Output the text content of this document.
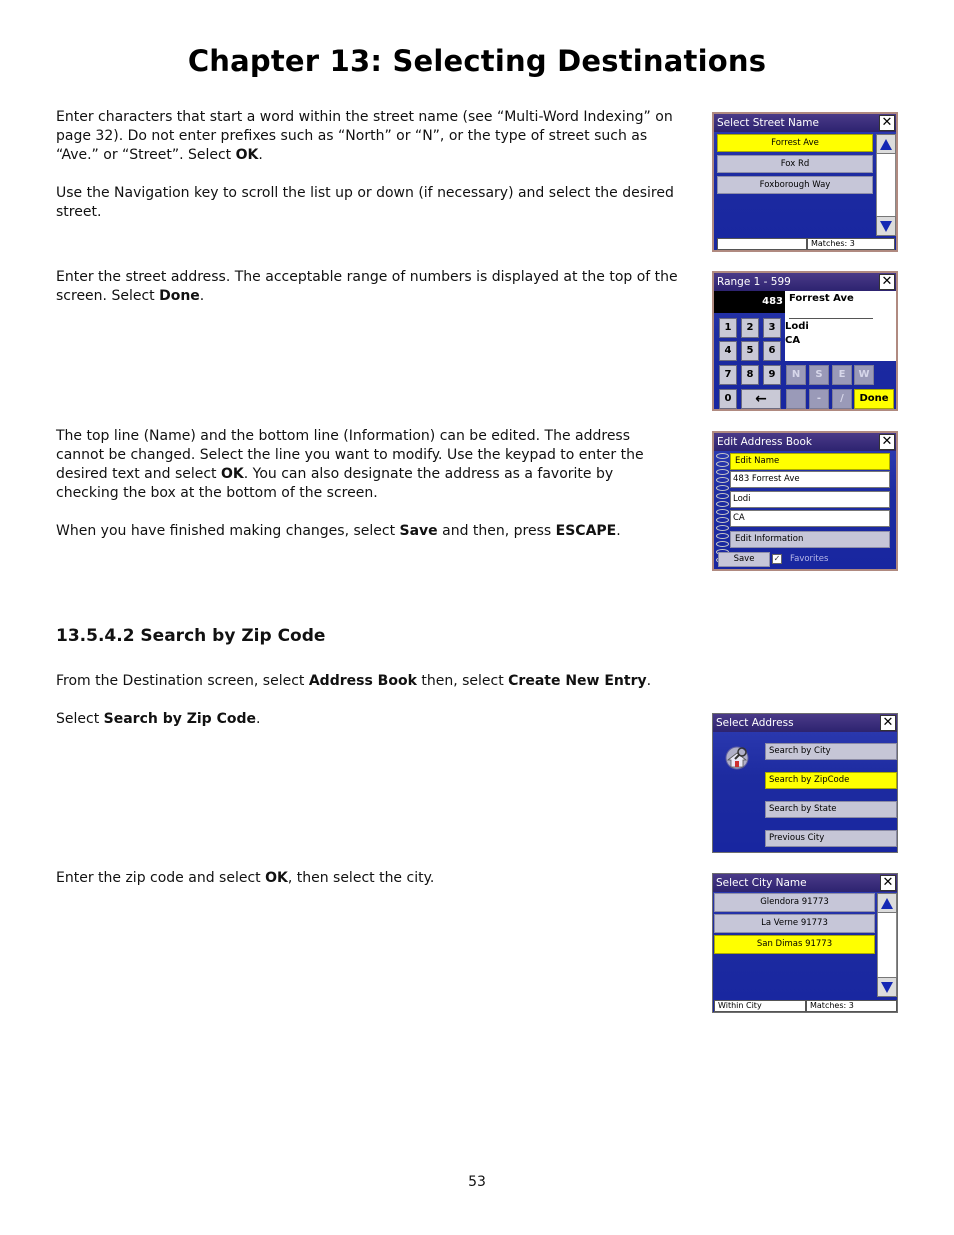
Chapter 13: Selecting Destinations

Enter characters that start a word within the street name (see “Multi-Word Indexing” on page 32). Do not enter prefixes such as “North” or “N”, or the type of street such as “Ave.” or “Street”. Select OK.

Use the Navigation key to scroll the list up or down (if necessary) and select the desired street.

Enter the street address. The acceptable range of numbers is displayed at the top of the screen. Select Done.

The top line (Name) and the bottom line (Information) can be edited. The address cannot be changed. Select the line you want to modify. Use the keypad to enter the desired text and select OK. You can also designate the address as a favorite by checking the box at the bottom of the screen.

When you have finished making changes, select Save and then, press ESCAPE.

13.5.4.2 Search by Zip Code

From the Destination screen, select Address Book then, select Create New Entry.

Select Search by Zip Code.

Enter the zip code and select OK, then select the city.

53
Select Street Name	✕
Forrest Ave
Fox Rd
Foxborough Way
Matches: 3
Range 1 - 599	✕
483 Forrest Ave
Lodi
CA
1	2	3
4	5	6
7	8	9
0	←
N	S	E	W
-	/	Done
Edit Address Book	✕
Edit Name
483 Forrest Ave
Lodi
CA
Edit Information
Save	✓ Favorites
Select Address	✕
Search by City
Search by ZipCode
Search by State
Previous City
Select City Name	✕
Glendora 91773
La Verne 91773
San Dimas 91773
Within City	Matches: 3
